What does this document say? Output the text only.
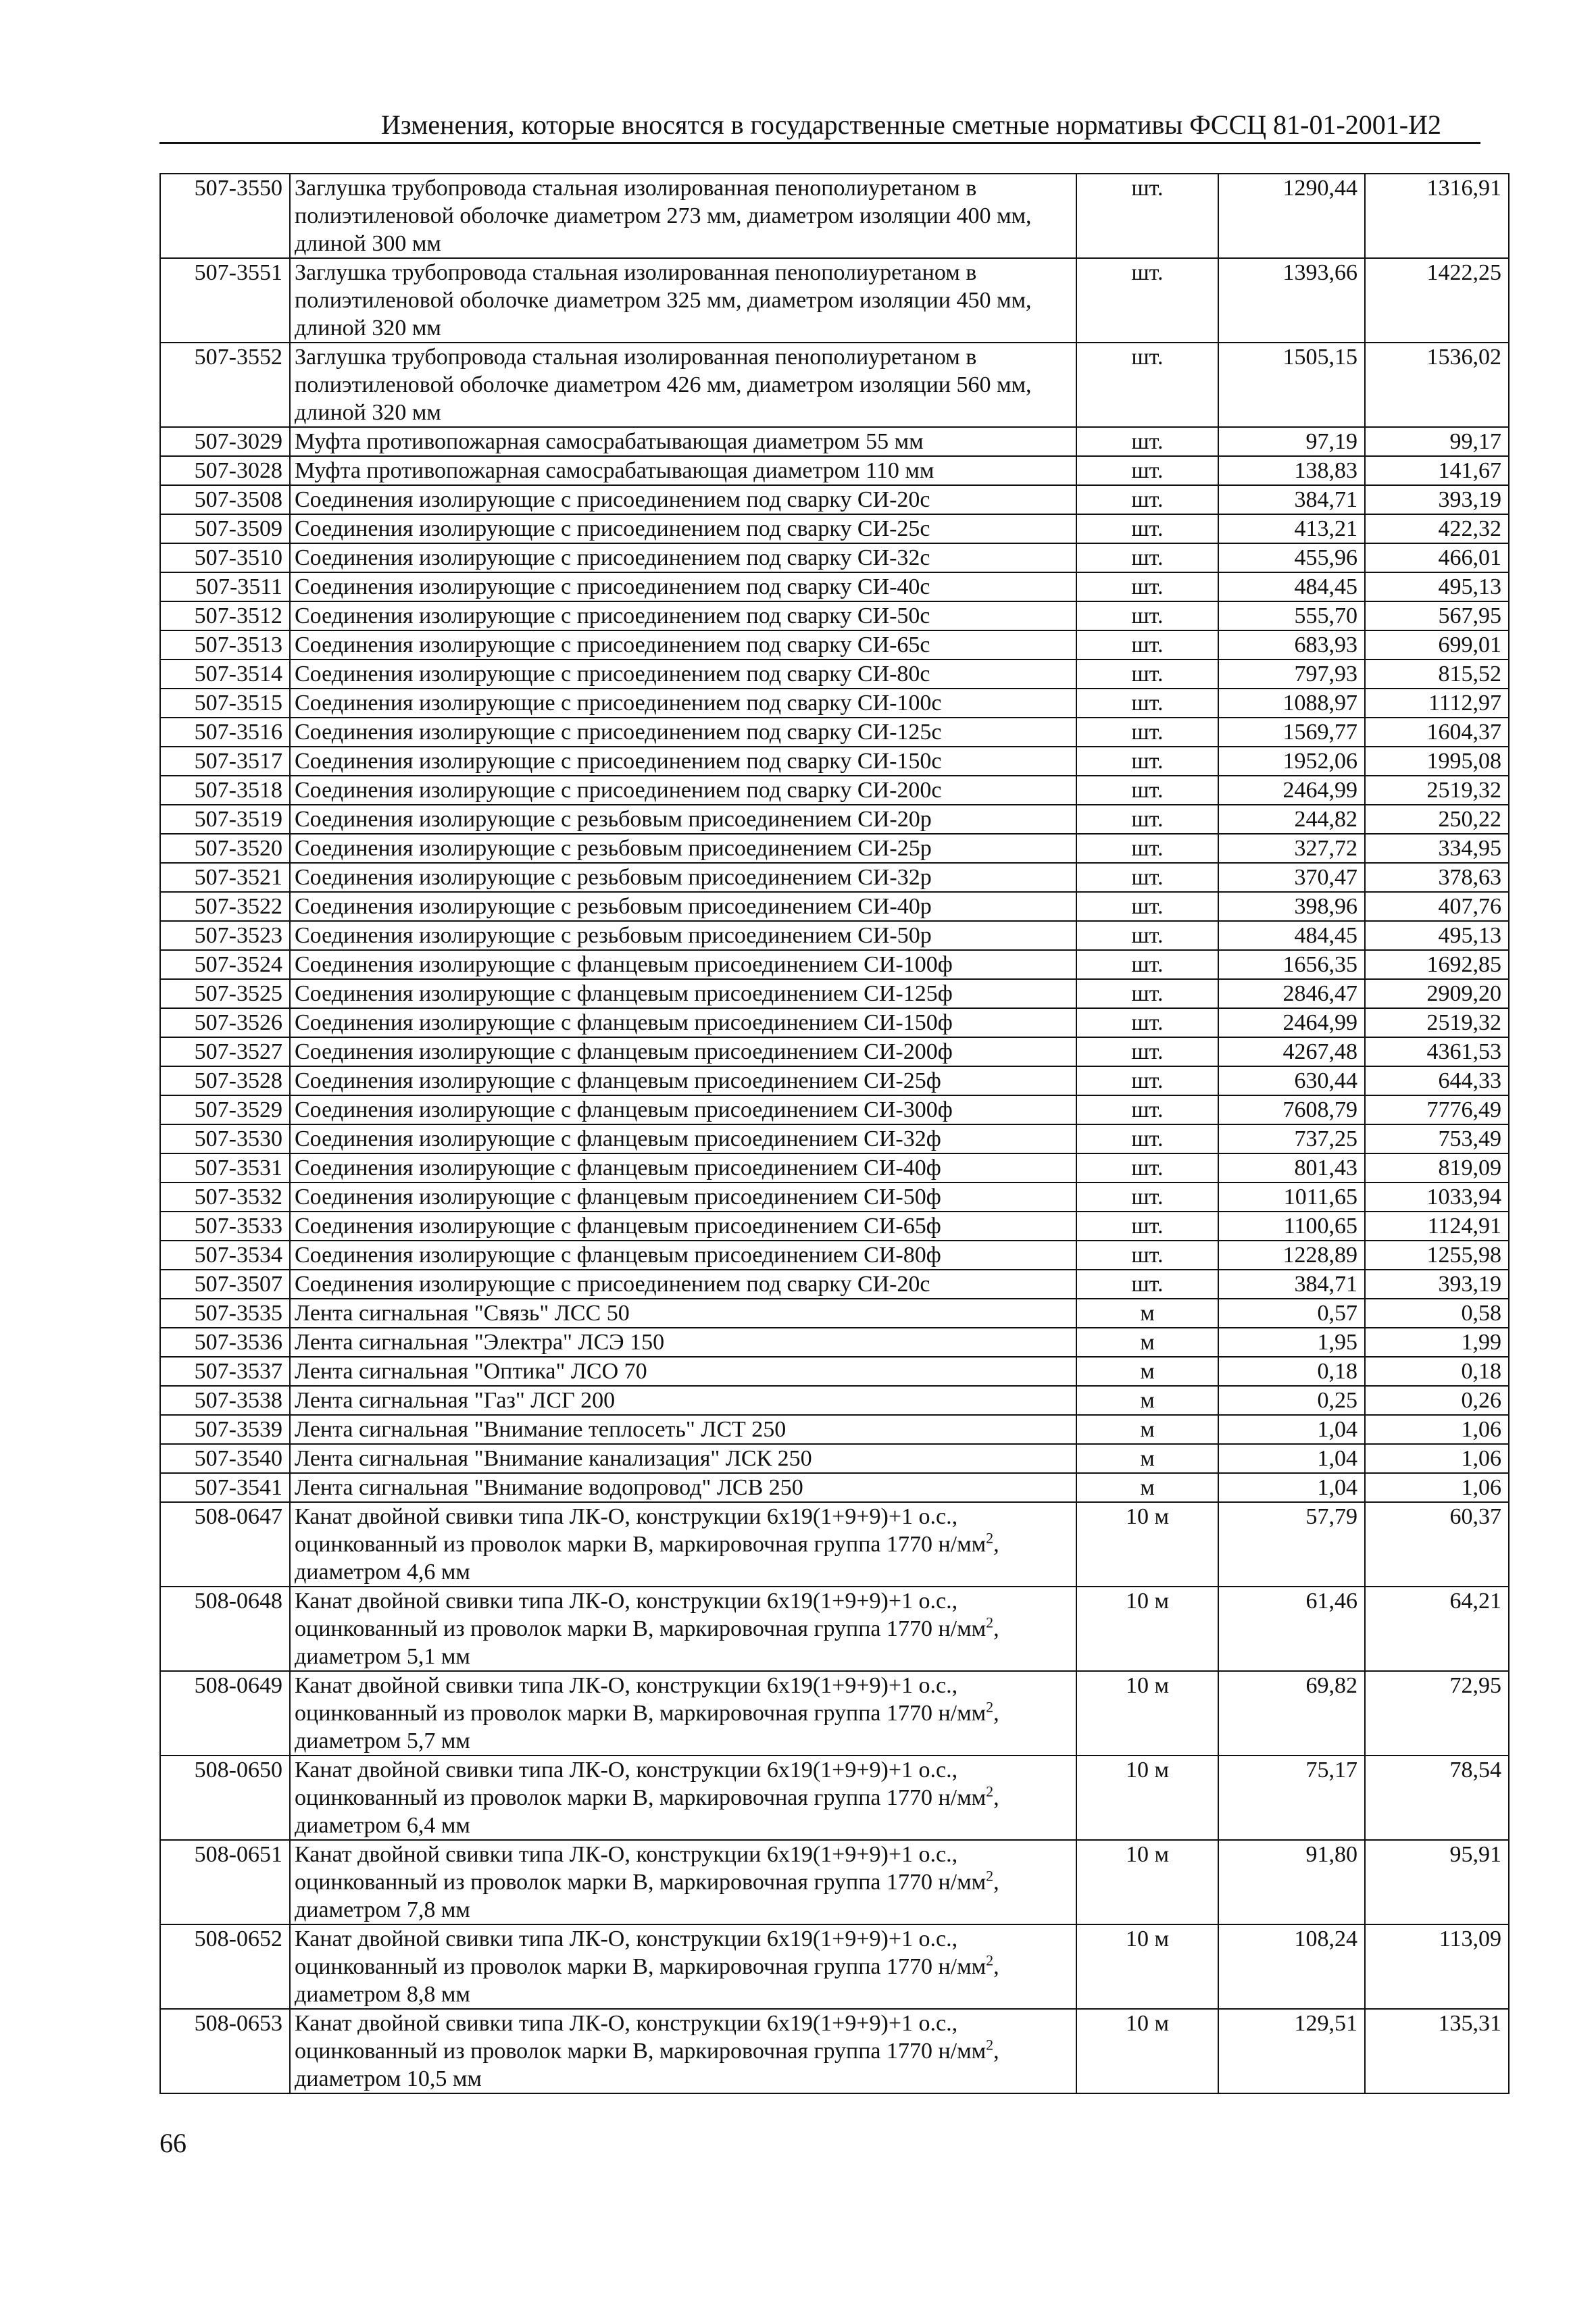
Изменения, которые вносятся в государственные сметные нормативы ФССЦ 81-01-2001-И2
507-3550	Заглушка трубопровода стальная изолированная пенополиуретаном в полиэтиленовой оболочке диаметром 273 мм, диаметром изоляции 400 мм, длиной 300 мм	шт.	1290,44	1316,91
507-3551	Заглушка трубопровода стальная изолированная пенополиуретаном в полиэтиленовой оболочке диаметром 325 мм, диаметром изоляции 450 мм, длиной 320 мм	шт.	1393,66	1422,25
507-3552	Заглушка трубопровода стальная изолированная пенополиуретаном в полиэтиленовой оболочке диаметром 426 мм, диаметром изоляции 560 мм, длиной 320 мм	шт.	1505,15	1536,02
507-3029	Муфта противопожарная самосрабатывающая диаметром 55 мм	шт.	97,19	99,17
507-3028	Муфта противопожарная самосрабатывающая диаметром 110 мм	шт.	138,83	141,67
507-3508	Соединения изолирующие с присоединением под сварку СИ-20с	шт.	384,71	393,19
507-3509	Соединения изолирующие с присоединением под сварку СИ-25с	шт.	413,21	422,32
507-3510	Соединения изолирующие с присоединением под сварку СИ-32с	шт.	455,96	466,01
507-3511	Соединения изолирующие с присоединением под сварку СИ-40с	шт.	484,45	495,13
507-3512	Соединения изолирующие с присоединением под сварку СИ-50с	шт.	555,70	567,95
507-3513	Соединения изолирующие с присоединением под сварку СИ-65с	шт.	683,93	699,01
507-3514	Соединения изолирующие с присоединением под сварку СИ-80с	шт.	797,93	815,52
507-3515	Соединения изолирующие с присоединением под сварку СИ-100с	шт.	1088,97	1112,97
507-3516	Соединения изолирующие с присоединением под сварку СИ-125с	шт.	1569,77	1604,37
507-3517	Соединения изолирующие с присоединением под сварку СИ-150с	шт.	1952,06	1995,08
507-3518	Соединения изолирующие с присоединением под сварку СИ-200с	шт.	2464,99	2519,32
507-3519	Соединения изолирующие с резьбовым присоединением СИ-20р	шт.	244,82	250,22
507-3520	Соединения изолирующие с резьбовым присоединением СИ-25р	шт.	327,72	334,95
507-3521	Соединения изолирующие с резьбовым присоединением СИ-32р	шт.	370,47	378,63
507-3522	Соединения изолирующие с резьбовым присоединением СИ-40р	шт.	398,96	407,76
507-3523	Соединения изолирующие с резьбовым присоединением СИ-50р	шт.	484,45	495,13
507-3524	Соединения изолирующие с фланцевым присоединением СИ-100ф	шт.	1656,35	1692,85
507-3525	Соединения изолирующие с фланцевым присоединением СИ-125ф	шт.	2846,47	2909,20
507-3526	Соединения изолирующие с фланцевым присоединением СИ-150ф	шт.	2464,99	2519,32
507-3527	Соединения изолирующие с фланцевым присоединением СИ-200ф	шт.	4267,48	4361,53
507-3528	Соединения изолирующие с фланцевым присоединением СИ-25ф	шт.	630,44	644,33
507-3529	Соединения изолирующие с фланцевым присоединением СИ-300ф	шт.	7608,79	7776,49
507-3530	Соединения изолирующие с фланцевым присоединением СИ-32ф	шт.	737,25	753,49
507-3531	Соединения изолирующие с фланцевым присоединением СИ-40ф	шт.	801,43	819,09
507-3532	Соединения изолирующие с фланцевым присоединением СИ-50ф	шт.	1011,65	1033,94
507-3533	Соединения изолирующие с фланцевым присоединением СИ-65ф	шт.	1100,65	1124,91
507-3534	Соединения изолирующие с фланцевым присоединением СИ-80ф	шт.	1228,89	1255,98
507-3507	Соединения изолирующие с присоединением под сварку СИ-20с	шт.	384,71	393,19
507-3535	Лента сигнальная "Связь" ЛСС 50	м	0,57	0,58
507-3536	Лента сигнальная "Электра" ЛСЭ 150	м	1,95	1,99
507-3537	Лента сигнальная "Оптика" ЛСО 70	м	0,18	0,18
507-3538	Лента сигнальная "Газ" ЛСГ 200	м	0,25	0,26
507-3539	Лента сигнальная "Внимание теплосеть" ЛСТ 250	м	1,04	1,06
507-3540	Лента сигнальная "Внимание канализация" ЛСК 250	м	1,04	1,06
507-3541	Лента сигнальная "Внимание водопровод" ЛСВ 250	м	1,04	1,06
508-0647	Канат двойной свивки типа ЛК-О, конструкции 6х19(1+9+9)+1 о.с., оцинкованный из проволок марки В, маркировочная группа 1770 $н/мм^2$, диаметром 4,6 мм	10 м	57,79	60,37
508-0648	Канат двойной свивки типа ЛК-О, конструкции 6х19(1+9+9)+1 о.с., оцинкованный из проволок марки В, маркировочная группа 1770 $н/мм^2$, диаметром 5,1 мм	10 м	61,46	64,21
508-0649	Канат двойной свивки типа ЛК-О, конструкции 6х19(1+9+9)+1 о.с., оцинкованный из проволок марки В, маркировочная группа 1770 $н/мм^2$, диаметром 5,7 мм	10 м	69,82	72,95
508-0650	Канат двойной свивки типа ЛК-О, конструкции 6х19(1+9+9)+1 о.с., оцинкованный из проволок марки В, маркировочная группа 1770 $н/мм^2$, диаметром 6,4 мм	10 м	75,17	78,54
508-0651	Канат двойной свивки типа ЛК-О, конструкции 6х19(1+9+9)+1 о.с., оцинкованный из проволок марки В, маркировочная группа 1770 $н/мм^2$, диаметром 7,8 мм	10 м	91,80	95,91
508-0652	Канат двойной свивки типа ЛК-О, конструкции 6х19(1+9+9)+1 о.с., оцинкованный из проволок марки В, маркировочная группа 1770 $н/мм^2$, диаметром 8,8 мм	10 м	108,24	113,09
508-0653	Канат двойной свивки типа ЛК-О, конструкции 6х19(1+9+9)+1 о.с., оцинкованный из проволок марки В, маркировочная группа 1770 $н/мм^2$, диаметром 10,5 мм	10 м	129,51	135,31
66
